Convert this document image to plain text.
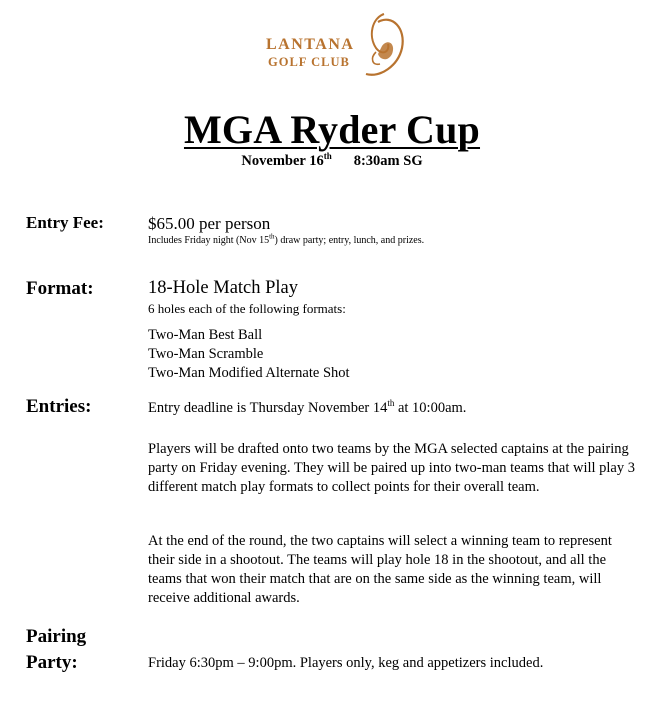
LANTANA
GOLF CLUB
MGA Ryder Cup
November 16th 8:30am SG
Entry Fee:	$65.00 per person
Includes Friday night (Nov 15th) draw party; entry, lunch, and prizes.
Format:	18-Hole Match Play
6 holes each of the following formats:
Two-Man Best Ball
Two-Man Scramble
Two-Man Modified Alternate Shot
Entries:	Entry deadline is Thursday November 14th at 10:00am.
Players will be drafted onto two teams by the MGA selected captains at the pairing party on Friday evening. They will be paired up into two-man teams that will play 3 different match play formats to collect points for their overall team.
At the end of the round, the two captains will select a winning team to represent their side in a shootout. The teams will play hole 18 in the shootout, and all the teams that won their match that are on the same side as the winning team, will receive additional awards.
Pairing
Party:	Friday 6:30pm – 9:00pm. Players only, keg and appetizers included.
